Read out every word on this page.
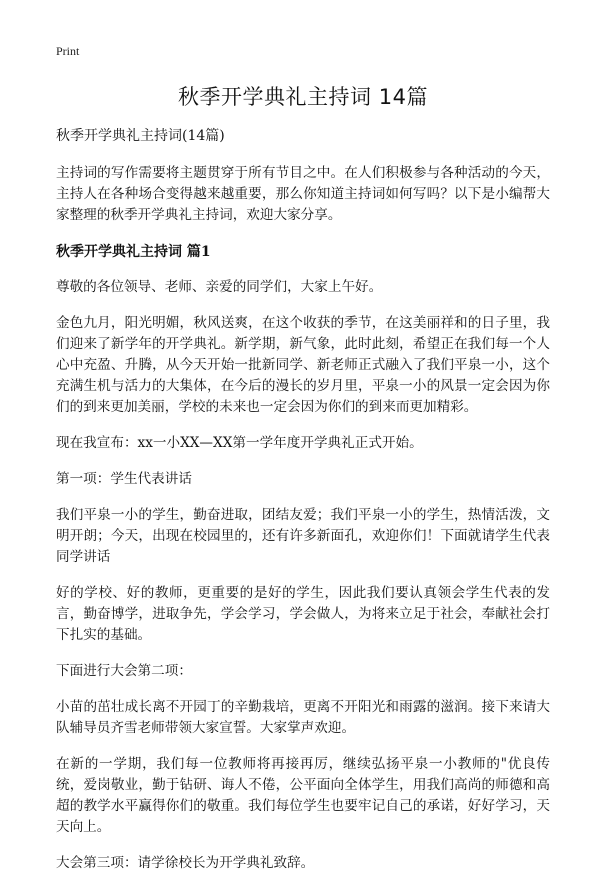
Print
秋季开学典礼主持词 14篇
秋季开学典礼主持词(14篇)

主持词的写作需要将主题贯穿于所有节目之中。在人们积极参与各种活动的今天，主持人在各种场合变得越来越重要，那么你知道主持词如何写吗？以下是小编帮大家整理的秋季开学典礼主持词，欢迎大家分享。

秋季开学典礼主持词 篇1

尊敬的各位领导、老师、亲爱的同学们，大家上午好。

金色九月，阳光明媚，秋风送爽，在这个收获的季节，在这美丽祥和的日子里，我们迎来了新学年的开学典礼。新学期，新气象，此时此刻，希望正在我们每一个人心中充盈、升腾，从今天开始一批新同学、新老师正式融入了我们平泉一小，这个充满生机与活力的大集体，在今后的漫长的岁月里，平泉一小的风景一定会因为你们的到来更加美丽，学校的未来也一定会因为你们的到来而更加精彩。

现在我宣布：xx一小XX—XX第一学年度开学典礼正式开始。

第一项：学生代表讲话

我们平泉一小的学生，勤奋进取，团结友爱；我们平泉一小的学生，热情活泼，文明开朗；今天，出现在校园里的，还有许多新面孔，欢迎你们！下面就请学生代表同学讲话

好的学校、好的教师，更重要的是好的学生，因此我们要认真领会学生代表的发言，勤奋博学，进取争先，学会学习，学会做人，为将来立足于社会，奉献社会打下扎实的基础。

下面进行大会第二项：

小苗的茁壮成长离不开园丁的辛勤栽培，更离不开阳光和雨露的滋润。接下来请大队辅导员齐雪老师带领大家宣誓。大家掌声欢迎。

在新的一学期，我们每一位教师将再接再厉，继续弘扬平泉一小教师的"优良传统，爱岗敬业，勤于钻研、诲人不倦，公平面向全体学生，用我们高尚的师德和高超的教学水平赢得你们的敬重。我们每位学生也要牢记自己的承诺，好好学习，天天向上。

大会第三项：请学徐校长为开学典礼致辞。
